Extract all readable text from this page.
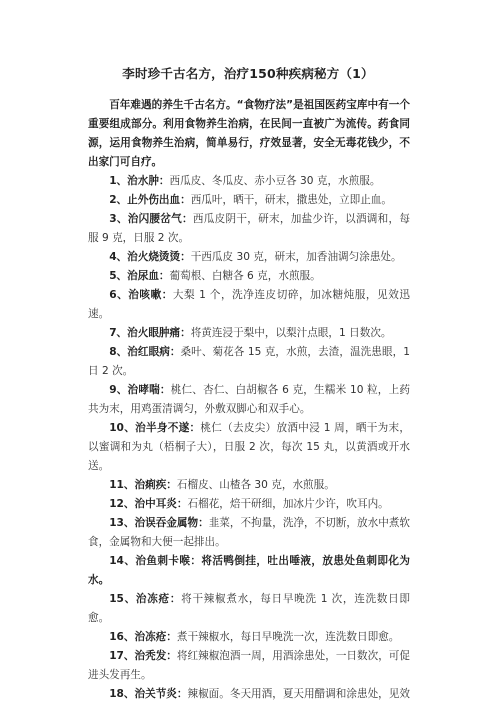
李时珍千古名方，治疗150种疾病秘方（1）

百年难遇的养生千古名方。“食物疗法”是祖国医药宝库中有一个重要组成部分。利用食物养生治病，在民间一直被广为流传。药食同源，运用食物养生治病，简单易行，疗效显著，安全无毒花钱少，不出家门可自疗。

1、治水肿：西瓜皮、冬瓜皮、赤小豆各 30 克，水煎服。

2、止外伤出血：西瓜叶，晒干，研末，撒患处，立即止血。

3、治闪腰岔气：西瓜皮阴干，研末，加盐少许，以酒调和，每服 9 克，日服 2 次。

4、治火烧烫烫：干西瓜皮 30 克，研末，加香油调匀涂患处。

5、治尿血：葡萄根、白糖各 6 克，水煎服。

6、治咳嗽：大梨 1 个，洗净连皮切碎，加冰糖炖服，见效迅速。

7、治火眼肿痛：将黄连浸于梨中，以梨汁点眼，1 日数次。

8、治红眼病：桑叶、菊花各 15 克，水煎，去渣，温洗患眼，1 日 2 次。

9、治哮喘：桃仁、杏仁、白胡椒各 6 克，生糯米 10 粒，上药共为末，用鸡蛋清调匀，外敷双脚心和双手心。

10、治半身不遂：桃仁（去皮尖）放酒中浸 1 周，晒干为末，以蜜调和为丸（梧桐子大），日服 2 次，每次 15 丸，以黄酒或开水送。

11、治痢疾：石榴皮、山楂各 30 克，水煎服。

12、治中耳炎：石榴花，焙干研细，加冰片少许，吹耳内。

13、治误吞金属物：韭菜，不拘量，洗净，不切断，放水中煮软食，金属物和大便一起排出。

14、治鱼刺卡喉：将活鸭倒挂，吐出唾液，放患处鱼刺即化为水。

15、治冻疮：将干辣椒煮水，每日早晚洗 1 次，连洗数日即愈。

16、治冻疮：煮干辣椒水，每日早晚洗一次，连洗数日即愈。

17、治秃发：将红辣椒泡酒一周，用酒涂患处，一日数次，可促进头发再生。

18、治关节炎：辣椒面。冬天用酒，夏天用醋调和涂患处，见效
